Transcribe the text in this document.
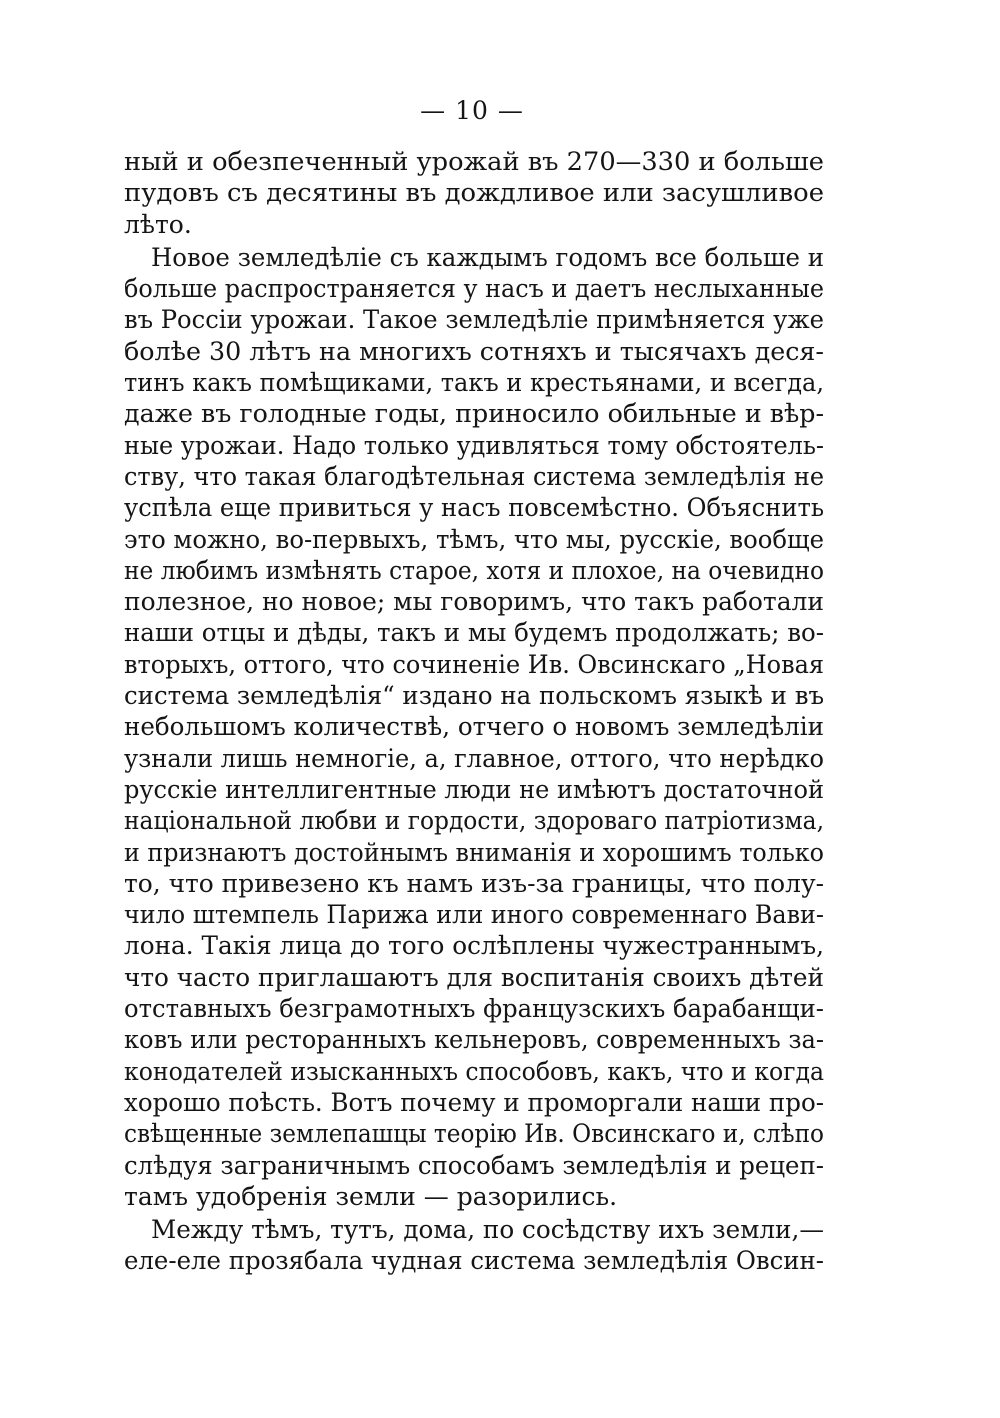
— 10 —
ный и обезпеченный урожай въ 270—330 и больше
пудовъ съ десятины въ дождливое или засушливое
лѣто.
Новое земледѣліе съ каждымъ годомъ все больше и
больше распространяется у насъ и даетъ неслыханные
въ Россіи урожаи. Такое земледѣліе примѣняется уже
болѣе 30 лѣтъ на многихъ сотняхъ и тысячахъ деся-
тинъ какъ помѣщиками, такъ и крестьянами, и всегда,
даже въ голодные годы, приносило обильные и вѣр-
ные урожаи. Надо только удивляться тому обстоятель-
ству, что такая благодѣтельная система земледѣлія не
успѣла еще привиться у насъ повсемѣстно. Объяснить
это можно, во-первыхъ, тѣмъ, что мы, русскіе, вообще
не любимъ измѣнять старое, хотя и плохое, на очевидно
полезное, но новое; мы говоримъ, что такъ работали
наши отцы и дѣды, такъ и мы будемъ продолжать; во-
вторыхъ, оттого, что сочиненіе Ив. Овсинскаго „Новая
система земледѣлія“ издано на польскомъ языкѣ и въ
небольшомъ количествѣ, отчего о новомъ земледѣліи
узнали лишь немногіе, а, главное, оттого, что нерѣдко
русскіе интеллигентные люди не имѣютъ достаточной
національной любви и гордости, здороваго патріотизма,
и признаютъ достойнымъ вниманія и хорошимъ только
то, что привезено къ намъ изъ-за границы, что полу-
чило штемпель Парижа или иного современнаго Вави-
лона. Такія лица до того ослѣплены чужестраннымъ,
что часто приглашаютъ для воспитанія своихъ дѣтей
отставныхъ безграмотныхъ французскихъ барабанщи-
ковъ или ресторанныхъ кельнеровъ, современныхъ за-
конодателей изысканныхъ способовъ, какъ, что и когда
хорошо поѣсть. Вотъ почему и проморгали наши про-
свѣщенные землепашцы теорію Ив. Овсинскаго и, слѣпо
слѣдуя заграничнымъ способамъ земледѣлія и рецеп-
тамъ удобренія земли — разорились.
Между тѣмъ, тутъ, дома, по сосѣдству ихъ земли,—
еле-еле прозябала чудная система земледѣлія Овсин-
